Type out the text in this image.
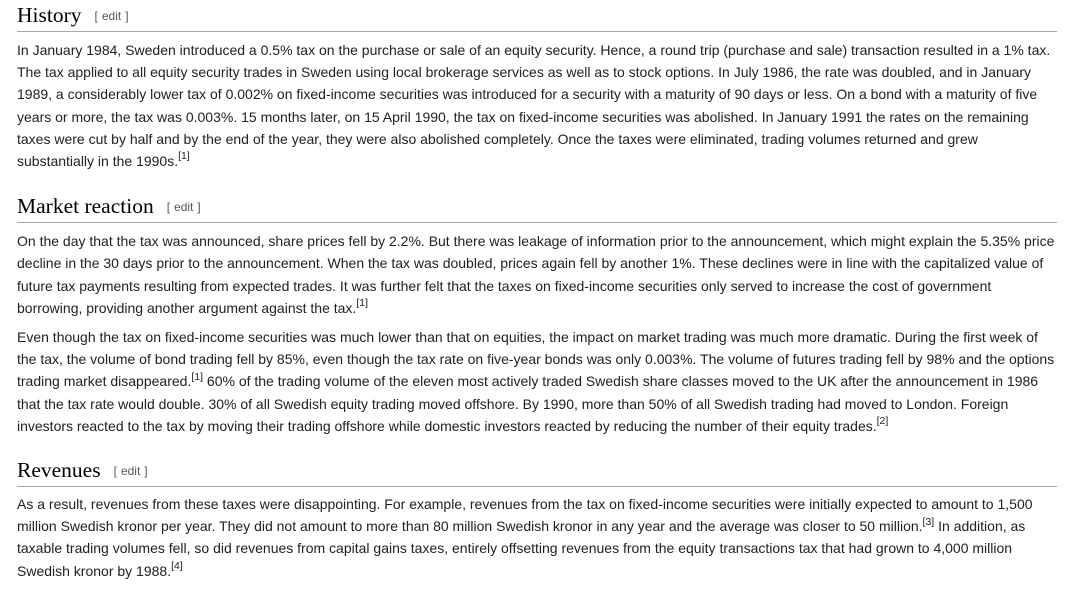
History [ edit ]

In January 1984, Sweden introduced a 0.5% tax on the purchase or sale of an equity security. Hence, a round trip (purchase and sale) transaction resulted in a 1% tax. The tax applied to all equity security trades in Sweden using local brokerage services as well as to stock options. In July 1986, the rate was doubled, and in January 1989, a considerably lower tax of 0.002% on fixed-income securities was introduced for a security with a maturity of 90 days or less. On a bond with a maturity of five years or more, the tax was 0.003%. 15 months later, on 15 April 1990, the tax on fixed-income securities was abolished. In January 1991 the rates on the remaining taxes were cut by half and by the end of the year, they were also abolished completely. Once the taxes were eliminated, trading volumes returned and grew substantially in the 1990s.[1]

Market reaction [ edit ]

On the day that the tax was announced, share prices fell by 2.2%. But there was leakage of information prior to the announcement, which might explain the 5.35% price decline in the 30 days prior to the announcement. When the tax was doubled, prices again fell by another 1%. These declines were in line with the capitalized value of future tax payments resulting from expected trades. It was further felt that the taxes on fixed-income securities only served to increase the cost of government borrowing, providing another argument against the tax.[1]

Even though the tax on fixed-income securities was much lower than that on equities, the impact on market trading was much more dramatic. During the first week of the tax, the volume of bond trading fell by 85%, even though the tax rate on five-year bonds was only 0.003%. The volume of futures trading fell by 98% and the options trading market disappeared.[1] 60% of the trading volume of the eleven most actively traded Swedish share classes moved to the UK after the announcement in 1986 that the tax rate would double. 30% of all Swedish equity trading moved offshore. By 1990, more than 50% of all Swedish trading had moved to London. Foreign investors reacted to the tax by moving their trading offshore while domestic investors reacted by reducing the number of their equity trades.[2]

Revenues [ edit ]

As a result, revenues from these taxes were disappointing. For example, revenues from the tax on fixed-income securities were initially expected to amount to 1,500 million Swedish kronor per year. They did not amount to more than 80 million Swedish kronor in any year and the average was closer to 50 million.[3] In addition, as taxable trading volumes fell, so did revenues from capital gains taxes, entirely offsetting revenues from the equity transactions tax that had grown to 4,000 million Swedish kronor by 1988.[4]
